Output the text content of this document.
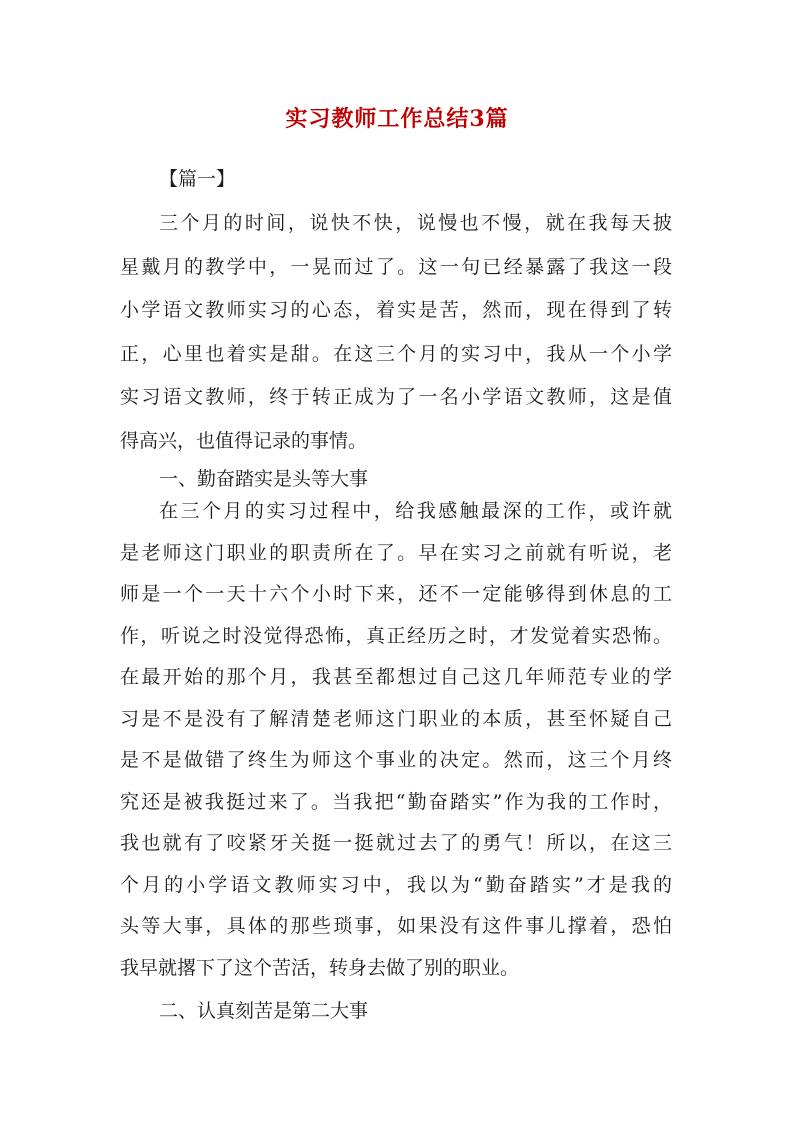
实习教师工作总结3篇
【篇一】
三个月的时间，说快不快，说慢也不慢，就在我每天披
星戴月的教学中，一晃而过了。这一句已经暴露了我这一段
小学语文教师实习的心态，着实是苦，然而，现在得到了转
正，心里也着实是甜。在这三个月的实习中，我从一个小学
实习语文教师，终于转正成为了一名小学语文教师，这是值
得高兴，也值得记录的事情。
一、勤奋踏实是头等大事
在三个月的实习过程中，给我感触最深的工作，或许就
是老师这门职业的职责所在了。早在实习之前就有听说，老
师是一个一天十六个小时下来，还不一定能够得到休息的工
作，听说之时没觉得恐怖，真正经历之时，才发觉着实恐怖。
在最开始的那个月，我甚至都想过自己这几年师范专业的学
习是不是没有了解清楚老师这门职业的本质，甚至怀疑自己
是不是做错了终生为师这个事业的决定。然而，这三个月终
究还是被我挺过来了。当我把“勤奋踏实”作为我的工作时，
我也就有了咬紧牙关挺一挺就过去了的勇气！所以，在这三
个月的小学语文教师实习中，我以为“勤奋踏实”才是我的
头等大事，具体的那些琐事，如果没有这件事儿撑着，恐怕
我早就撂下了这个苦活，转身去做了别的职业。
二、认真刻苦是第二大事
